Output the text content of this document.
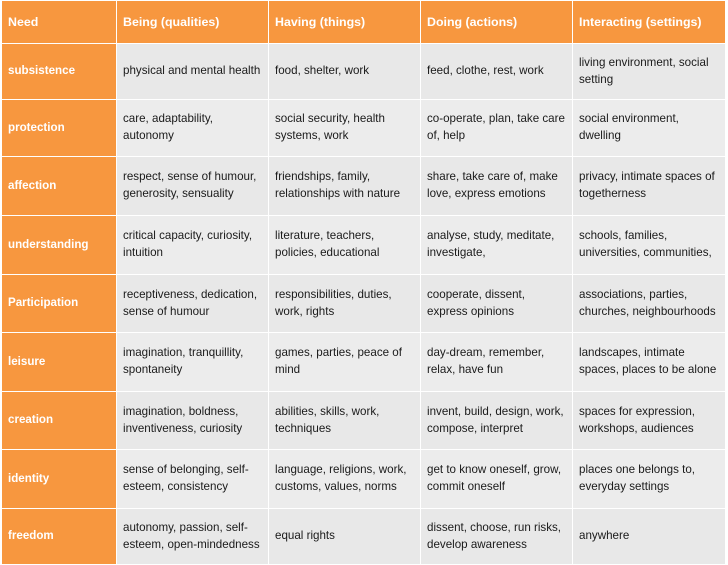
Need	Being (qualities)	Having (things)	Doing (actions)	Interacting (settings)
subsistence	physical and mental health	food, shelter, work	feed, clothe, rest, work	living environment, social setting
protection	care, adaptability, autonomy	social security, health systems, work	co-operate, plan, take care of, help	social environment, dwelling
affection	respect, sense of humour, generosity, sensuality	friendships, family, relationships with nature	share, take care of, make love, express emotions	privacy, intimate spaces of togetherness
understanding	critical capacity, curiosity, intuition	literature, teachers, policies, educational	analyse, study, meditate, investigate,	schools, families, universities, communities,
Participation	receptiveness, dedication, sense of humour	responsibilities, duties, work, rights	cooperate, dissent, express opinions	associations, parties, churches, neighbourhoods
leisure	imagination, tranquillity, spontaneity	games, parties, peace of mind	day-dream, remember, relax, have fun	landscapes, intimate spaces, places to be alone
creation	imagination, boldness, inventiveness, curiosity	abilities, skills, work, techniques	invent, build, design, work, compose, interpret	spaces for expression, workshops, audiences
identity	sense of belonging, self-esteem, consistency	language, religions, work, customs, values, norms	get to know oneself, grow, commit oneself	places one belongs to, everyday settings
freedom	autonomy, passion, self-esteem, open-mindedness	equal rights	dissent, choose, run risks, develop awareness	anywhere
